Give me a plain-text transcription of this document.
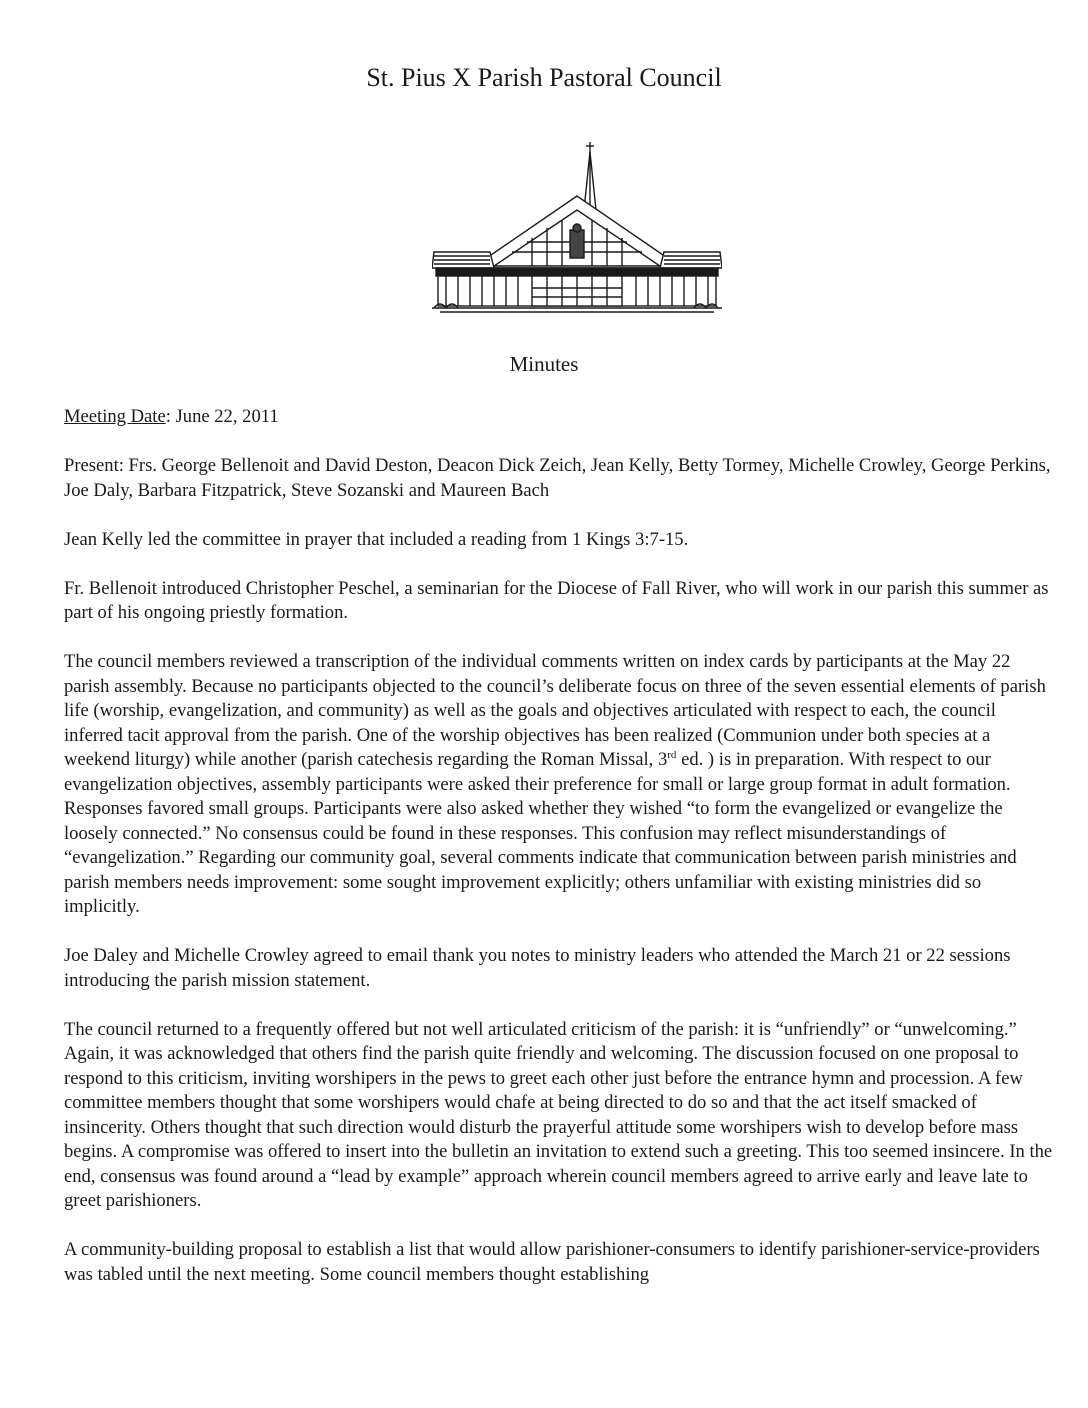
St. Pius X Parish Pastoral Council
Minutes

Meeting Date: June 22, 2011

Present: Frs. George Bellenoit and David Deston, Deacon Dick Zeich, Jean Kelly, Betty Tormey, Michelle Crowley, George Perkins, Joe Daly, Barbara Fitzpatrick, Steve Sozanski and Maureen Bach

Jean Kelly led the committee in prayer that included a reading from 1 Kings 3:7-15.

Fr. Bellenoit introduced Christopher Peschel, a seminarian for the Diocese of Fall River, who will work in our parish this summer as part of his ongoing priestly formation.

The council members reviewed a transcription of the individual comments written on index cards by participants at the May 22 parish assembly. Because no participants objected to the council’s deliberate focus on three of the seven essential elements of parish life (worship, evangelization, and community) as well as the goals and objectives articulated with respect to each, the council inferred tacit approval from the parish. One of the worship objectives has been realized (Communion under both species at a weekend liturgy) while another (parish catechesis regarding the Roman Missal, 3rd ed. ) is in preparation. With respect to our evangelization objectives, assembly participants were asked their preference for small or large group format in adult formation. Responses favored small groups. Participants were also asked whether they wished “to form the evangelized or evangelize the loosely connected.” No consensus could be found in these responses. This confusion may reflect misunderstandings of “evangelization.” Regarding our community goal, several comments indicate that communication between parish ministries and parish members needs improvement: some sought improvement explicitly; others unfamiliar with existing ministries did so implicitly.

Joe Daley and Michelle Crowley agreed to email thank you notes to ministry leaders who attended the March 21 or 22 sessions introducing the parish mission statement.

The council returned to a frequently offered but not well articulated criticism of the parish: it is “unfriendly” or “unwelcoming.” Again, it was acknowledged that others find the parish quite friendly and welcoming. The discussion focused on one proposal to respond to this criticism, inviting worshipers in the pews to greet each other just before the entrance hymn and procession. A few committee members thought that some worshipers would chafe at being directed to do so and that the act itself smacked of insincerity. Others thought that such direction would disturb the prayerful attitude some worshipers wish to develop before mass begins. A compromise was offered to insert into the bulletin an invitation to extend such a greeting. This too seemed insincere. In the end, consensus was found around a “lead by example” approach wherein council members agreed to arrive early and leave late to greet parishioners.

A community-building proposal to establish a list that would allow parishioner-consumers to identify parishioner-service-providers was tabled until the next meeting. Some council members thought establishing
